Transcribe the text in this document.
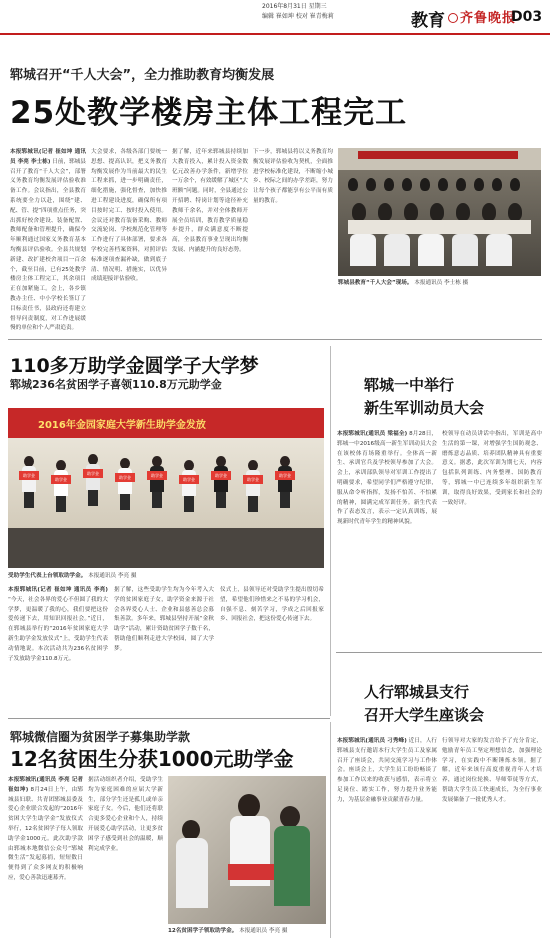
2016年8月31日 星期三
编辑 崔如坤 校对 崔青梅莉	教育	齐鲁晚报
D03
郓城召开“千人大会”，全力推助教育均衡发展
25处教学楼房主体工程完工
本报郓城讯(记者 崔如坤 通讯员 李亮 李士栋) 日前，郓城县召开了教育“千人大会”，部署义务教育均衡发展评估验收准备工作。会议指出，全县教育系统要全力以赴，围绕“建、配、管、提”四项重点任务，突出抓好校舍建设、装备配置、教师配备和管理提升，确保今年顺利通过国家义务教育基本均衡县评估验收。全县共规划新建、改扩建校舍项目一百余个，截至目前，已有25处教学楼房主体工程完工，其余项目正在加紧施工。会上，各乡镇教办主任、中小学校长签订了目标责任书，县政府还将建立督导问责制度，对工作进展缓慢的单位和个人严肃追责。
大会要求，各级各部门要统一思想、提高认识，把义务教育均衡发展作为当前最大的民生工程来抓，进一步明确责任，细化措施，强化督查，加快推进工程建设进度，确保所有项目按时完工、按时投入使用。会议还对教育装备采购、教师交流轮岗、学校规范化管理等工作进行了具体部署，要求各学校完善档案资料，对照评估标准逐项查漏补缺，做到底子清、情况明、措施实，以优异成绩迎接评估验收。
据了解，近年来郓城县持续加大教育投入，累计投入资金数亿元改善办学条件，新增学位一万余个，有效缓解了城区“大班额”问题。同时，全县通过公开招聘、特岗计划等途径补充教师千余名，并对全体教师开展全员培训，教育教学质量稳步提升，群众满意度不断提高，全县教育事业呈现出均衡发展、内涵提升的良好态势。
下一步，郓城县将以义务教育均衡发展评估验收为契机，全面推进学校标准化建设，不断缩小城乡、校际之间的办学差距，努力让每个孩子都能享有公平而有质量的教育。
郓城县教育“千人大会”现场。 本报通讯员 李士栋 摄
110多万助学金圆学子大学梦
郓城236名贫困学子喜领110.8万元助学金
2016年金园家庭大学新生助学金发放
助学金
助学金
助学金
助学金	助学金
助学金
助学金
助学金
助学金
受助学生代表上台领取助学金。 本报通讯员 李亮 摄
本报郓城讯(记者 崔如坤 通讯员 李亮) “今天，社会各界的爱心不但圆了我的大学梦，更温暖了我的心，我们要把这份爱传递下去，用知识回报社会。”近日，在郓城县举行的“2016年贫困家庭大学新生助学金发放仪式”上，受助学生代表动情地说。本次活动共为236名贫困学子发放助学金110.8万元。
据了解，这些受助学生均为今年考入大学的贫困家庭子女，助学资金来源于社会各界爱心人士、企业和县慈善总会募集善款。多年来，郓城县坚持开展“金秋助学”活动，累计资助贫困学子数千名，帮助他们顺利走进大学校园，圆了大学梦。
仪式上，县领导还对受助学生提出殷切希望，希望他们珍惜来之不易的学习机会，自强不息、刻苦学习，学成之后回报家乡、回报社会，把这份爱心传递下去。
郓城一中举行
新生军训动员大会
本报郓城讯(通讯员 梁福全) 8月28日，郓城一中2016级高一新生军训动员大会在该校体育场隆重举行。全体高一新生、承训官兵及学校领导参加了大会。会上，承训部队领导对军训工作提出了明确要求，希望同学们严格遵守纪律，服从命令听指挥，发扬不怕苦、不怕累的精神，圆满完成军训任务。新生代表作了表态发言，表示一定认真训练，展现新时代青年学生的精神风貌。
校领导在动员讲话中指出，军训是高中生活的第一课，对增强学生国防观念、磨炼意志品质、培养团队精神具有重要意义。据悉，此次军训为期七天，内容包括队列训练、内务整理、国防教育等，郓城一中已连续多年组织新生军训，取得良好效果，受到家长和社会的一致好评。
人行郓城县支行
召开大学生座谈会
本报郓城讯(通讯员 刁秀峰) 近日，人行郓城县支行邀请本行大学生员工及家属召开了座谈会，共同交流学习与工作体会。座谈会上，大学生员工纷纷畅谈了参加工作以来的收获与感悟，表示将立足岗位、踏实工作，努力提升业务能力，为基层金融事业贡献青春力量。
行领导对大家的发言给予了充分肯定，勉励青年员工坚定理想信念，加强理论学习，在实践中不断锤炼本领。据了解，近年来该行高度重视青年人才培养，通过岗位轮换、导师带徒等方式，帮助大学生员工快速成长，为全行事业发展储备了一批优秀人才。
郓城微信圈为贫困学子募集助学款
12名贫困生分获1000元助学金
本报郓城讯(通讯员 李亮 记者 崔如坤) 8月24日上午，由郓城县妇联、共青团郓城县委及爱心企业联合发起的“2016年贫困大学生助学金”发放仪式举行，12名贫困学子每人领取助学金1000元。此次助学款由郓城本地微信公众号“郓城微生活”发起募捐，短短数日便得到了众多网友的积极响应，爱心善款迅速募齐。
据活动组织者介绍，受助学生均为家庭困难的应届大学新生，部分学生还是孤儿或单亲家庭子女。今后，他们还将联合更多爱心企业和个人，持续开展爱心助学活动，让更多贫困学子感受到社会的温暖，顺利完成学业。
12名贫困学子领取助学金。 本报通讯员 李亮 摄
